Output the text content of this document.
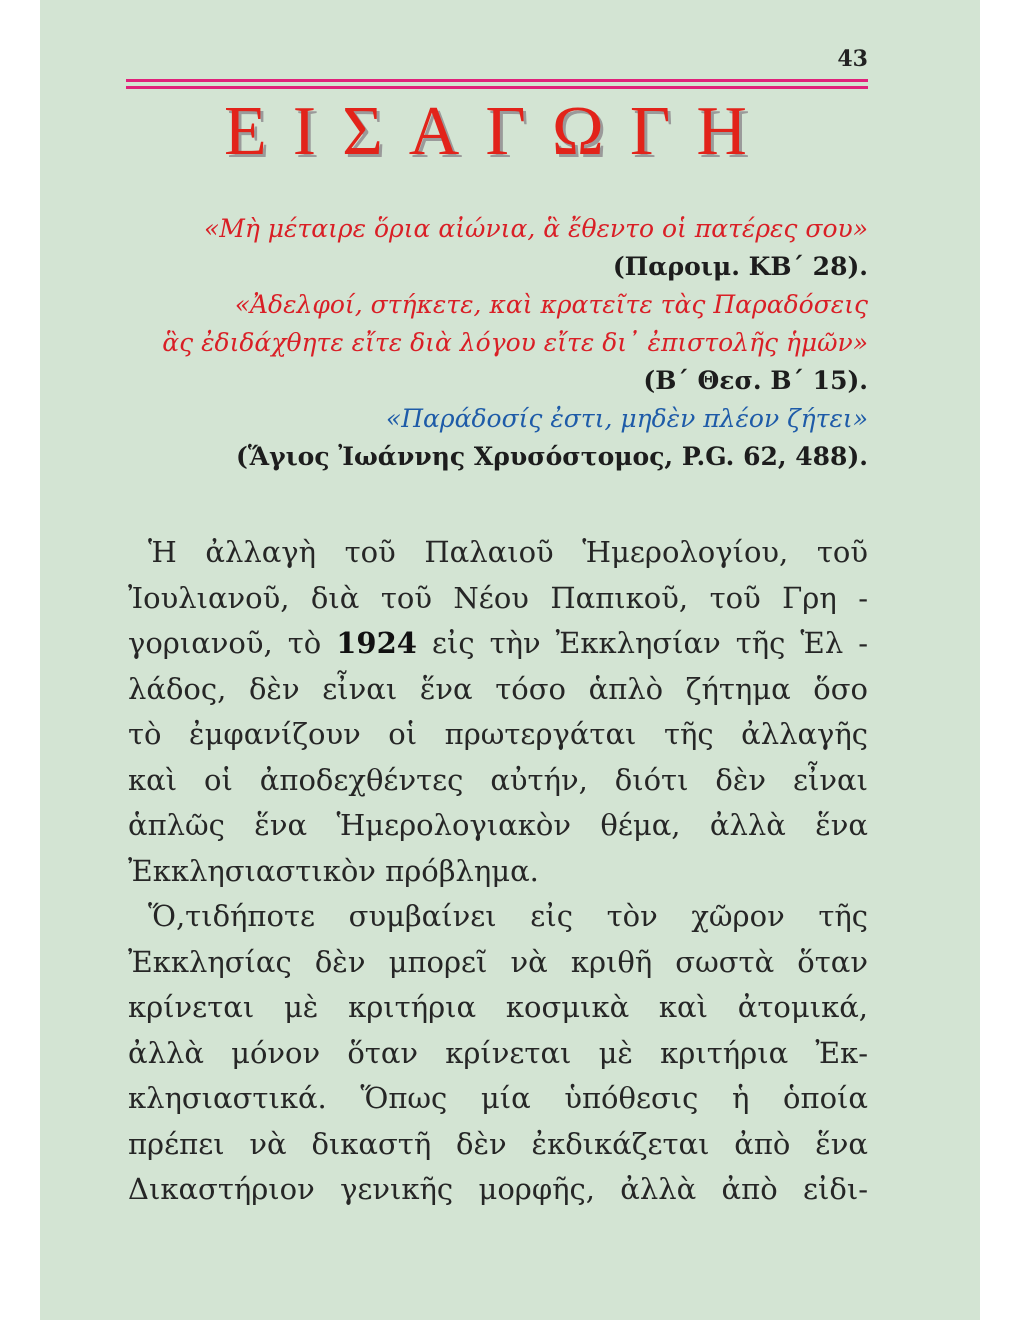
43
ΕΙΣΑΓΩΓΗ
«Μὴ μέταιρε ὅρια αἰώνια, ἃ ἔθεντο οἱ πατέρες σου»
(Παροιμ. ΚΒ΄ 28).
«Ἀδελφοί, στήκετε, καὶ κρατεῖτε τὰς Παραδόσεις
ἃς ἐδιδάχθητε εἴτε διὰ λόγου εἴτε δι᾽ ἐπιστολῆς ἡμῶν»
(Β΄ Θεσ. Β΄ 15).
«Παράδοσίς ἐστι, μηδὲν πλέον ζήτει»
(Ἅγιος Ἰωάννης Χρυσόστομος, P.G. 62, 488).
Ἡ ἀλλαγὴ τοῦ Παλαιοῦ Ἡμερολογίου, τοῦ
Ἰουλιανοῦ, διὰ τοῦ Νέου Παπικοῦ, τοῦ Γρη -
γοριανοῦ, τὸ 1924 εἰς τὴν Ἐκκλησίαν τῆς Ἑλ -
λάδος, δὲν εἶναι ἕνα τόσο ἁπλὸ ζήτημα ὅσο
τὸ ἐμφανίζουν οἱ πρωτεργάται τῆς ἀλλαγῆς
καὶ οἱ ἀποδεχθέντες αὐτήν, διότι δὲν εἶναι
ἁπλῶς ἕνα Ἡμερολογιακὸν θέμα, ἀλλὰ ἕνα
Ἐκκλησιαστικὸν πρόβλημα.
Ὅ,τιδήποτε συμβαίνει εἰς τὸν χῶρον τῆς
Ἐκκλησίας δὲν μπορεῖ νὰ κριθῆ σωστὰ ὅταν
κρίνεται μὲ κριτήρια κοσμικὰ καὶ ἀτομικά,
ἀλλὰ μόνον ὅταν κρίνεται μὲ κριτήρια Ἐκ-
κλησιαστικά. Ὅπως μία ὑπόθεσις ἡ ὁποία
πρέπει νὰ δικαστῆ δὲν ἐκδικάζεται ἀπὸ ἕνα
Δικαστήριον γενικῆς μορφῆς, ἀλλὰ ἀπὸ εἰδι-
